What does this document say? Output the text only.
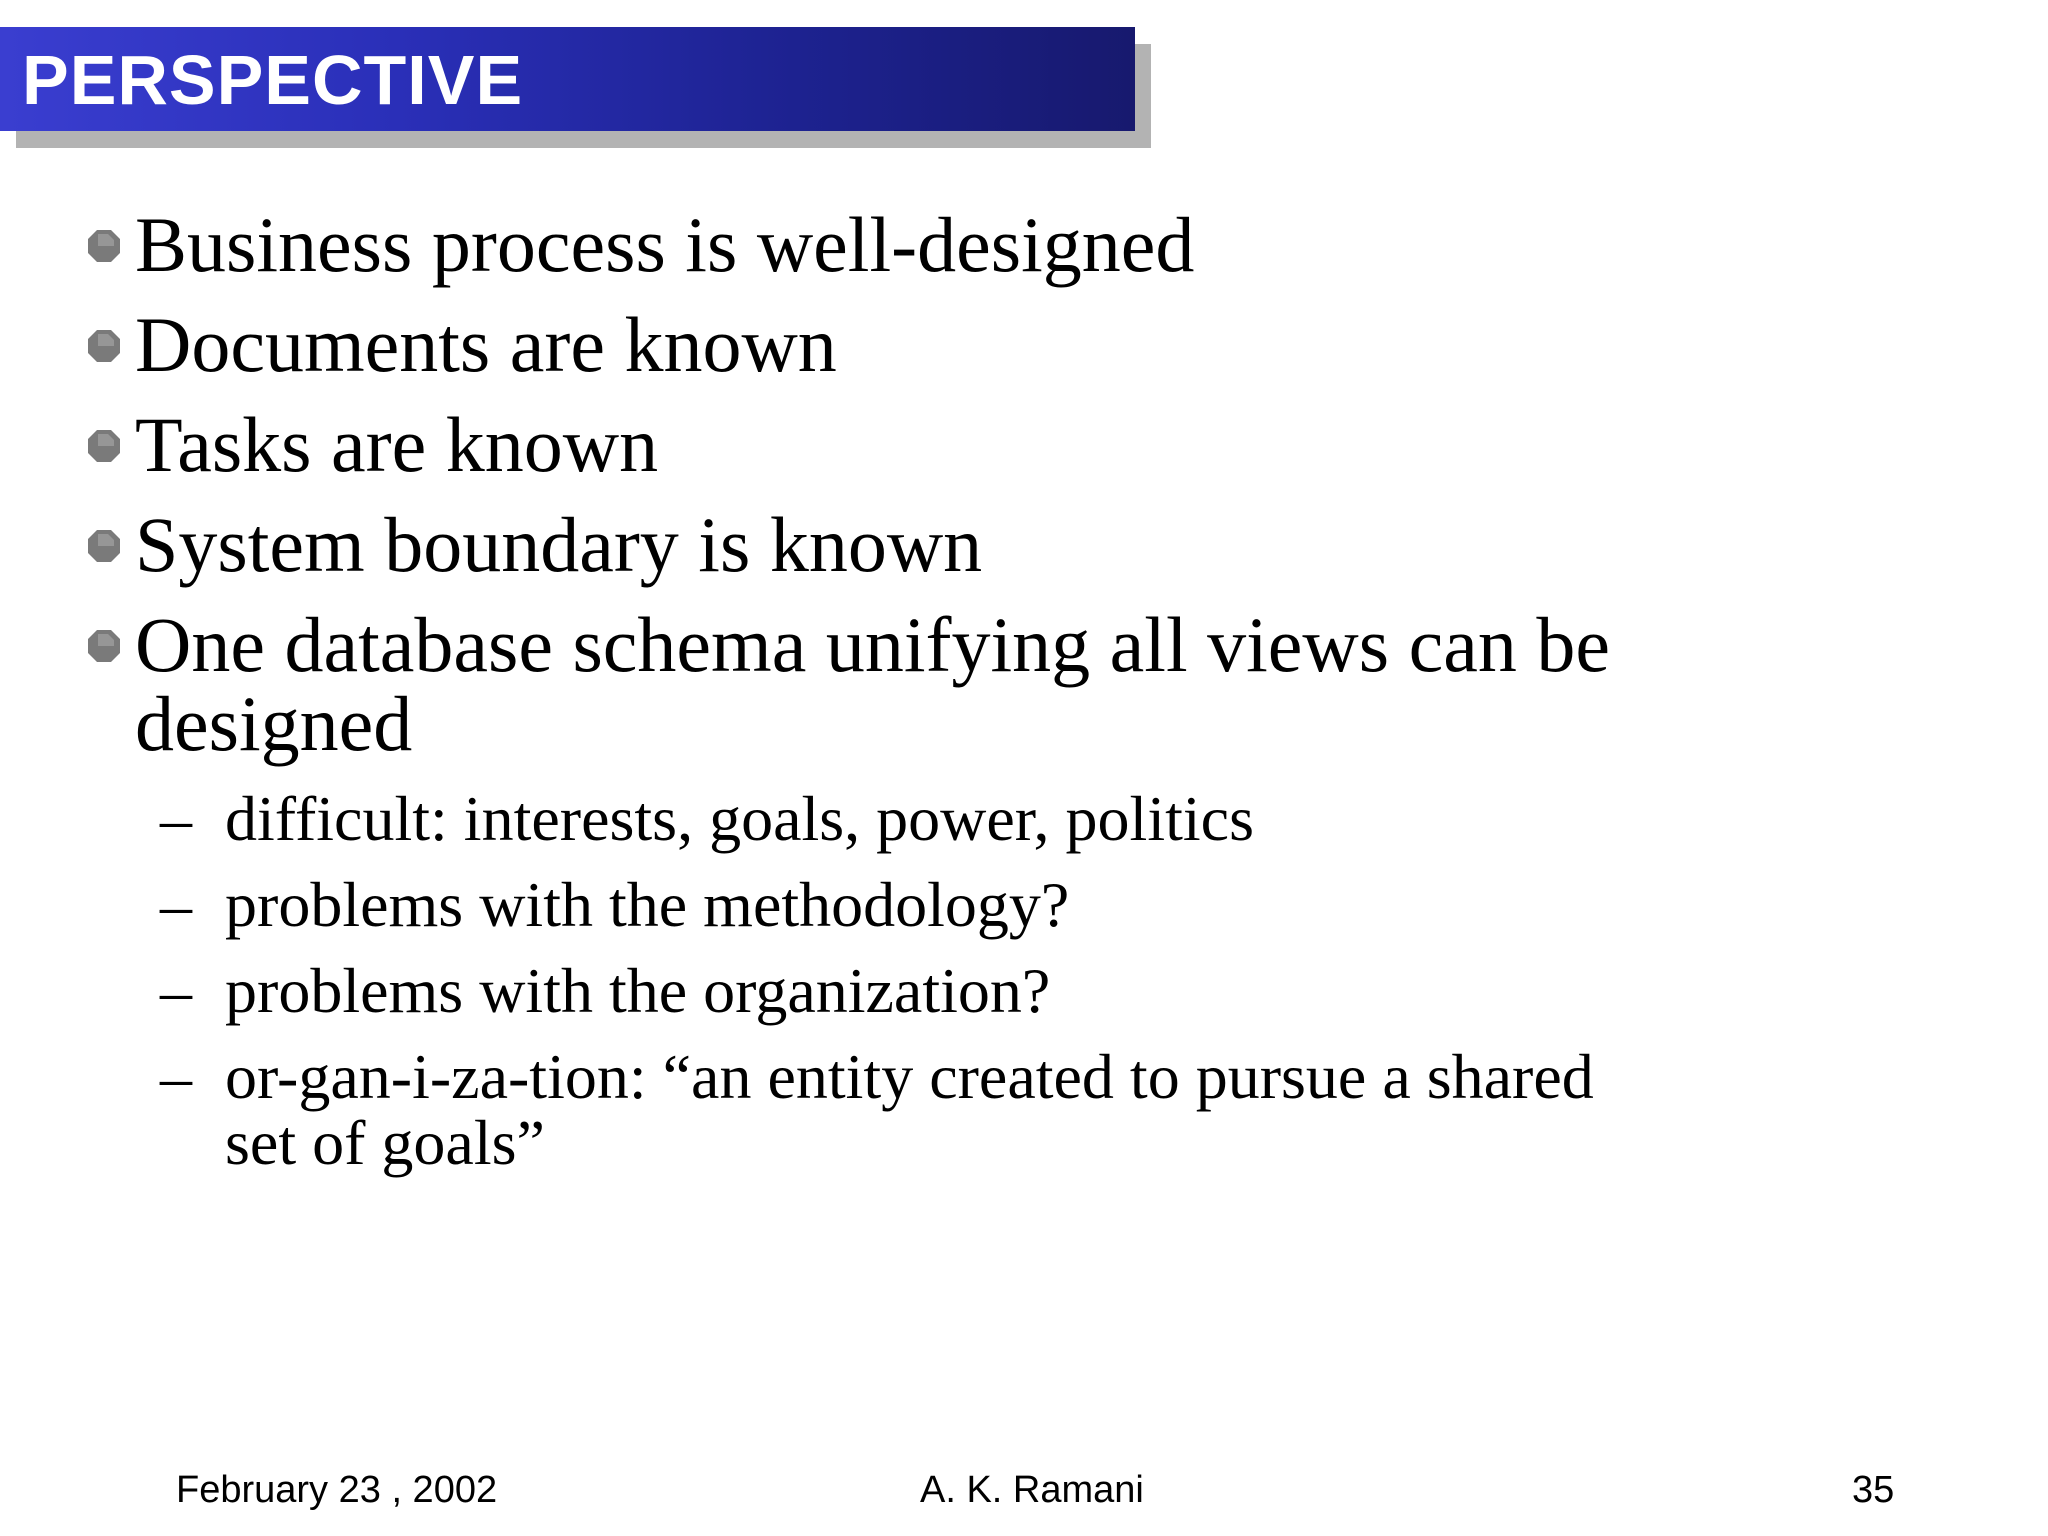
PERSPECTIVE
Business process is well-designed
Documents are known
Tasks are known
System boundary is known
One database schema unifying all views can be
designed
– difficult: interests, goals, power, politics
– problems with the methodology?
– problems with the organization?
– or-gan-i-za-tion: “an entity created to pursue a shared
set of goals”
February 23 , 2002	A. K. Ramani	35
